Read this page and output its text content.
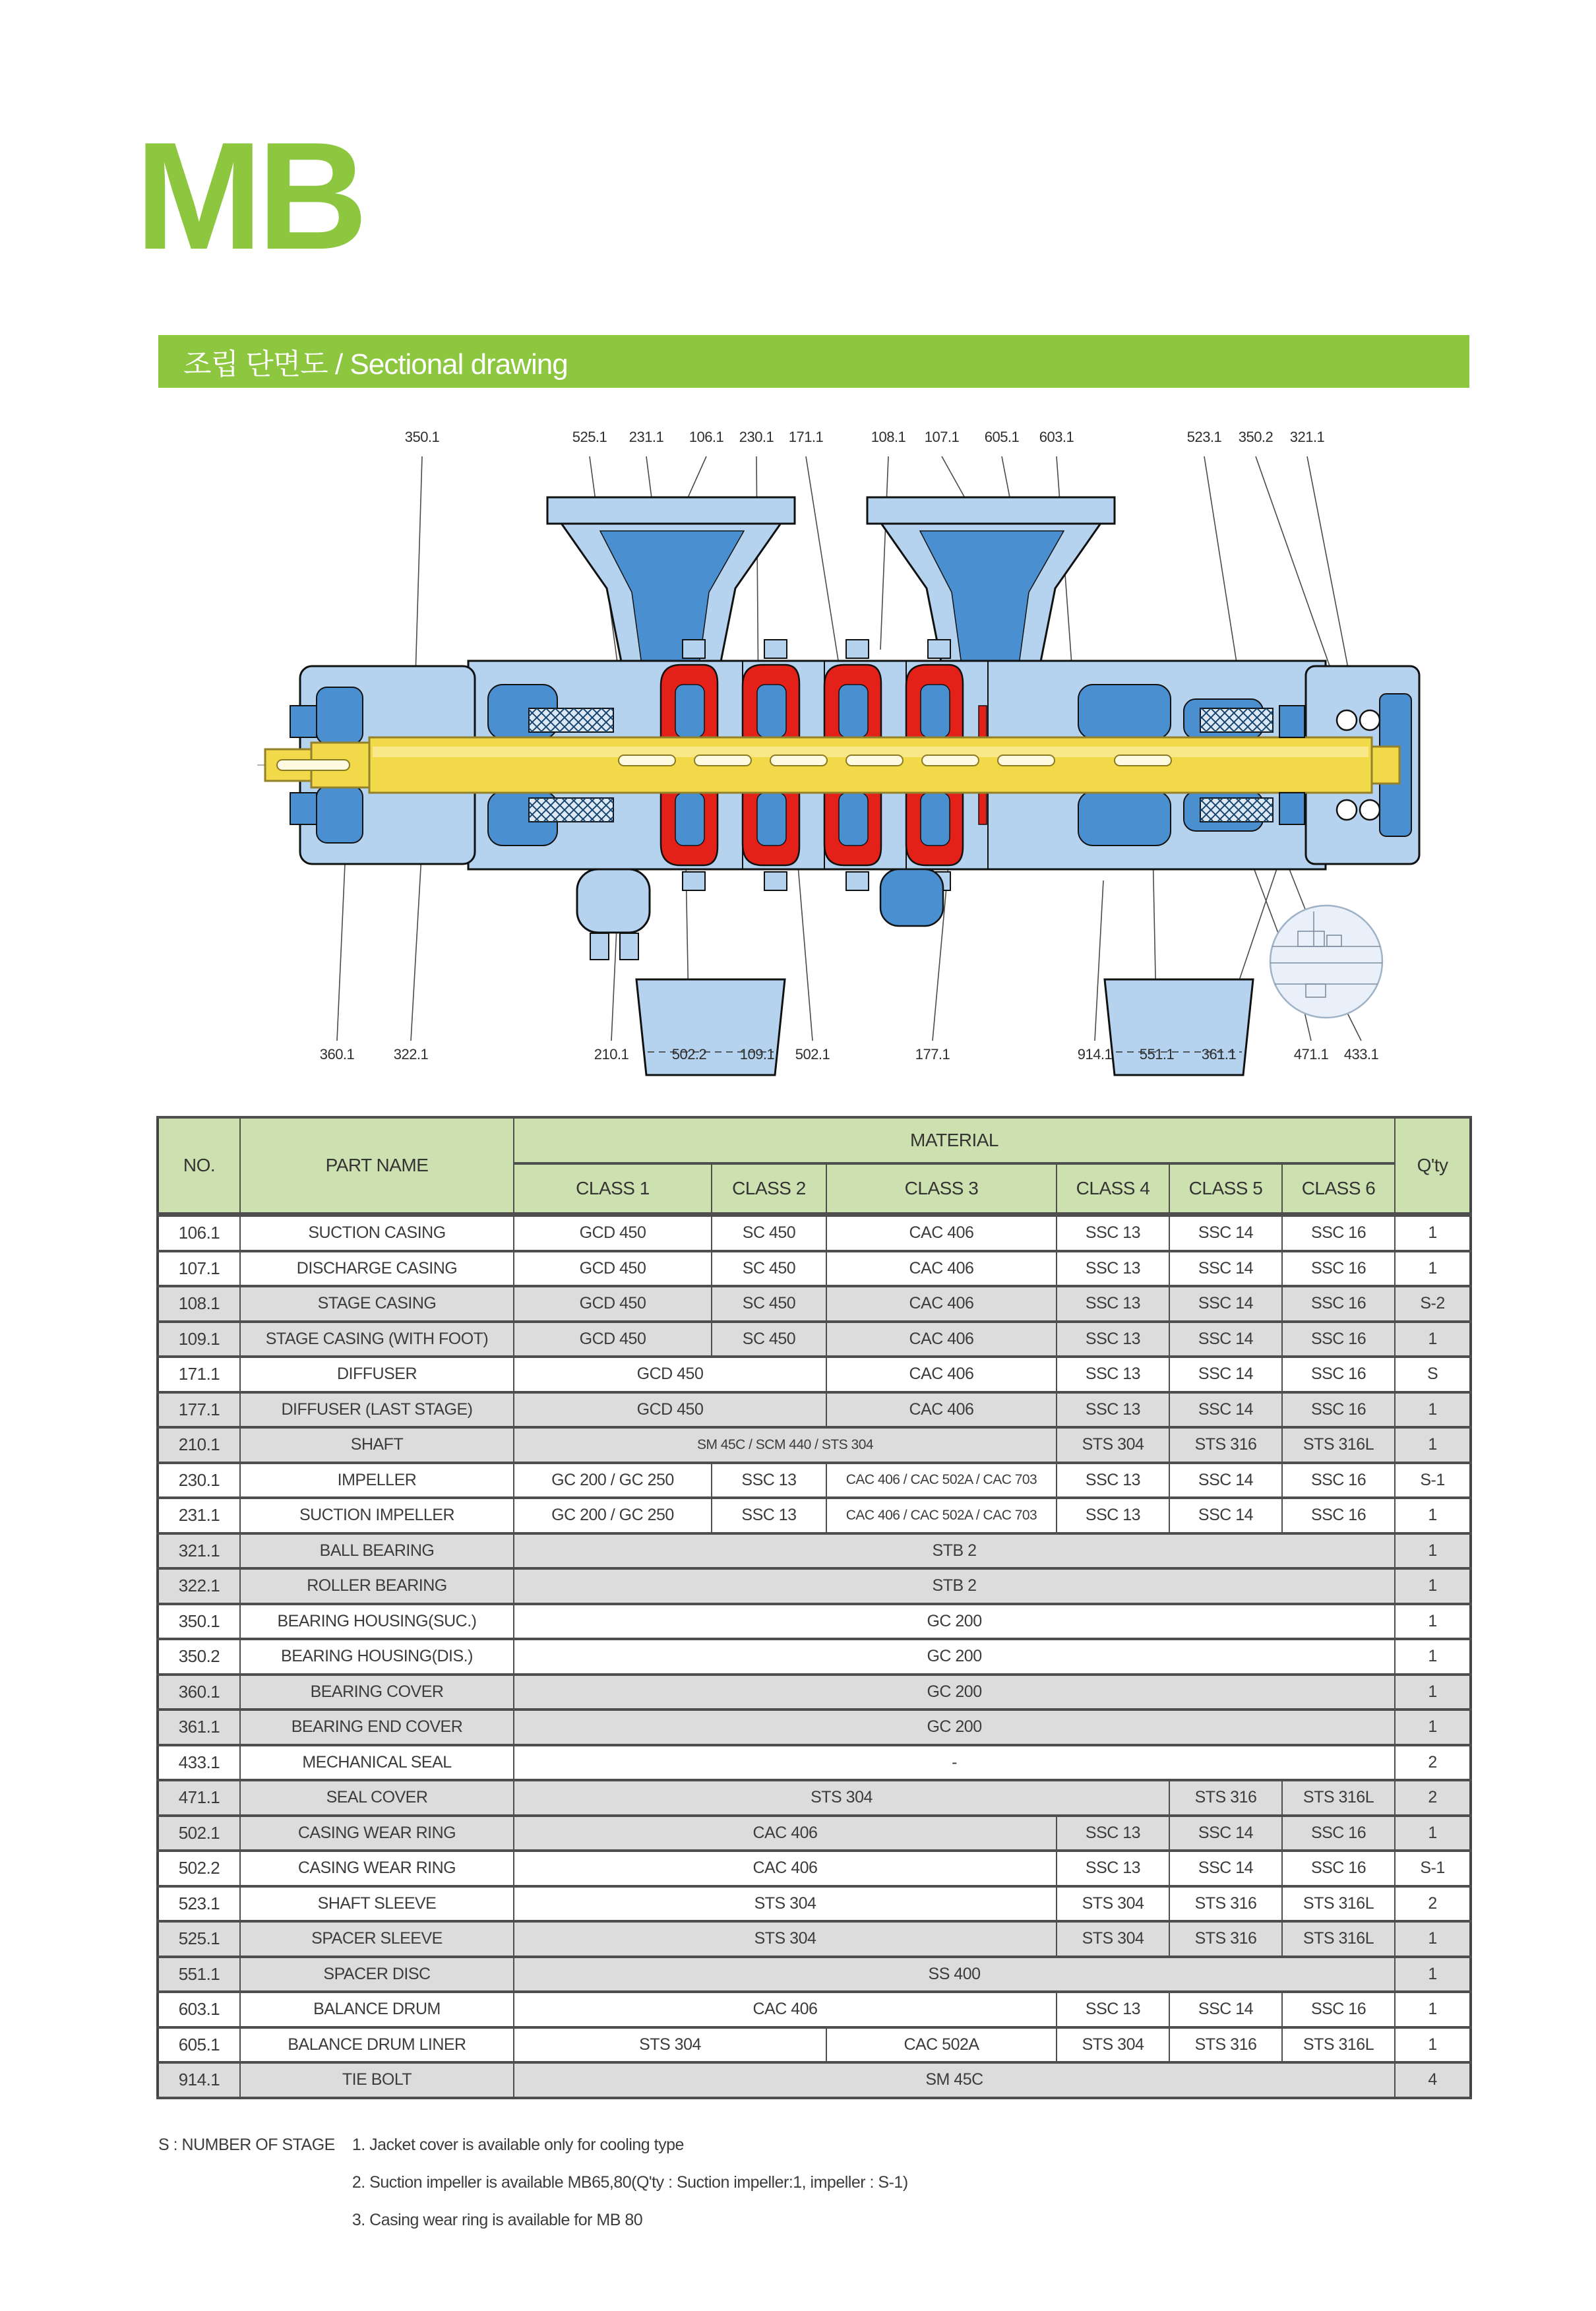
MB
조립 단면도 / Sectional drawing
350.1	525.1 231.1 106.1 230.1 171.1	108.1 107.1 605.1 603.1	523.1 350.2 321.1
360.1	322.1	210.1	502.2 109.1 502.1	177.1	914.1 551.1 361.1	471.1 433.1
NO.	PART NAME	MATERIAL						Q'ty
		CLASS 1	CLASS 2	CLASS 3	CLASS 4	CLASS 5	CLASS 6	
106.1	SUCTION CASING	GCD 450	SC 450	CAC 406	SSC 13	SSC 14	SSC 16	1
107.1	DISCHARGE CASING	GCD 450	SC 450	CAC 406	SSC 13	SSC 14	SSC 16	1
108.1	STAGE CASING	GCD 450	SC 450	CAC 406	SSC 13	SSC 14	SSC 16	S-2
109.1	STAGE CASING (WITH FOOT)	GCD 450	SC 450	CAC 406	SSC 13	SSC 14	SSC 16	1
171.1	DIFFUSER	GCD 450		CAC 406	SSC 13	SSC 14	SSC 16	S
177.1	DIFFUSER (LAST STAGE)	GCD 450		CAC 406	SSC 13	SSC 14	SSC 16	1
210.1	SHAFT	SM 45C / SCM 440 / STS 304			STS 304	STS 316	STS 316L	1
230.1	IMPELLER	GC 200 / GC 250	SSC 13	CAC 406 / CAC 502A / CAC 703	SSC 13	SSC 14	SSC 16	S-1
231.1	SUCTION IMPELLER	GC 200 / GC 250	SSC 13	CAC 406 / CAC 502A / CAC 703	SSC 13	SSC 14	SSC 16	1
321.1	BALL BEARING	STB 2						1
322.1	ROLLER BEARING	STB 2						1
350.1	BEARING HOUSING(SUC.)	GC 200						1
350.2	BEARING HOUSING(DIS.)	GC 200						1
360.1	BEARING COVER	GC 200						1
361.1	BEARING END COVER	GC 200						1
433.1	MECHANICAL SEAL	-						2
471.1	SEAL COVER	STS 304				STS 316	STS 316L	2
502.1	CASING WEAR RING	CAC 406			SSC 13	SSC 14	SSC 16	1
502.2	CASING WEAR RING	CAC 406			SSC 13	SSC 14	SSC 16	S-1
523.1	SHAFT SLEEVE	STS 304			STS 304	STS 316	STS 316L	2
525.1	SPACER SLEEVE	STS 304			STS 304	STS 316	STS 316L	1
551.1	SPACER DISC	SS 400						1
603.1	BALANCE DRUM	CAC 406			SSC 13	SSC 14	SSC 16	1
605.1	BALANCE DRUM LINER	STS 304		CAC 502A	STS 304	STS 316	STS 316L	1
914.1	TIE BOLT	SM 45C						4
S : NUMBER OF STAGE 1. Jacket cover is available only for cooling type
2. Suction impeller is available MB65,80(Q'ty : Suction impeller:1, impeller : S-1)
3. Casing wear ring is available for MB 80
